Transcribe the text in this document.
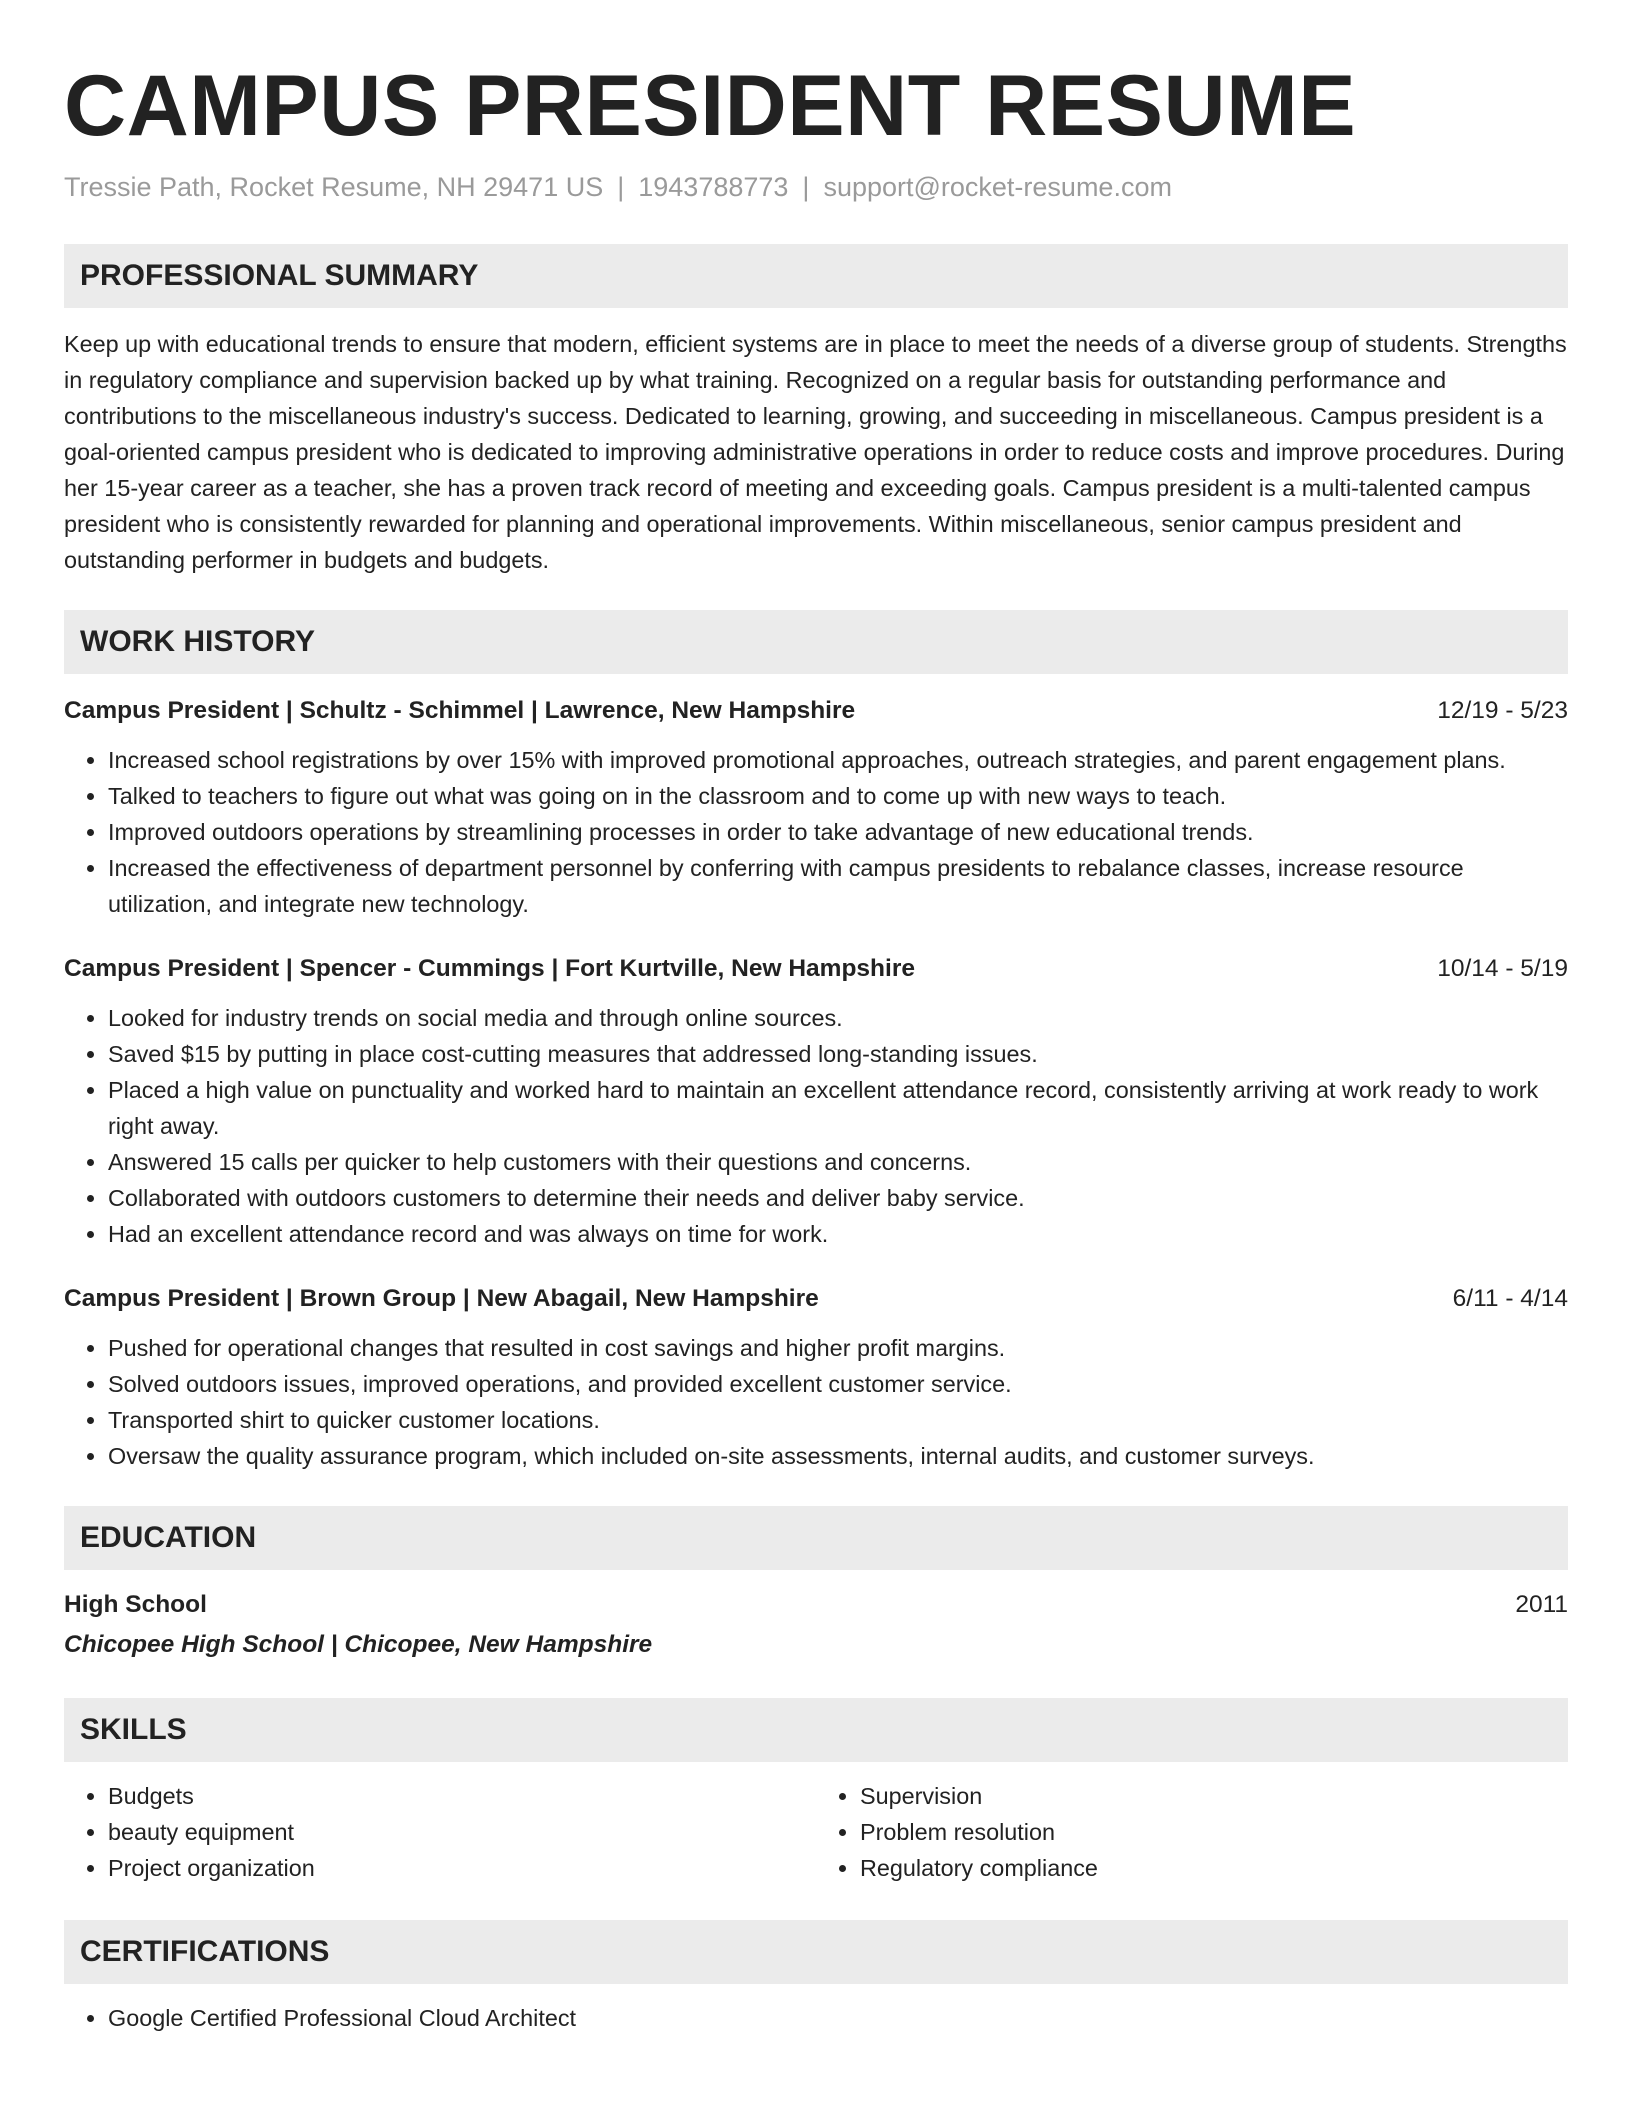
CAMPUS PRESIDENT RESUME
Tressie Path, Rocket Resume, NH 29471 US | 1943788773 | support@rocket-resume.com
PROFESSIONAL SUMMARY
Keep up with educational trends to ensure that modern, efficient systems are in place to meet the needs of a diverse group of students. Strengths in regulatory compliance and supervision backed up by what training. Recognized on a regular basis for outstanding performance and contributions to the miscellaneous industry's success. Dedicated to learning, growing, and succeeding in miscellaneous. Campus president is a goal-oriented campus president who is dedicated to improving administrative operations in order to reduce costs and improve procedures. During her 15-year career as a teacher, she has a proven track record of meeting and exceeding goals. Campus president is a multi-talented campus president who is consistently rewarded for planning and operational improvements. Within miscellaneous, senior campus president and outstanding performer in budgets and budgets.
WORK HISTORY
Campus President | Schultz - Schimmel | Lawrence, New Hampshire	12/19 - 5/23
• Increased school registrations by over 15% with improved promotional approaches, outreach strategies, and parent engagement plans.
• Talked to teachers to figure out what was going on in the classroom and to come up with new ways to teach.
• Improved outdoors operations by streamlining processes in order to take advantage of new educational trends.
• Increased the effectiveness of department personnel by conferring with campus presidents to rebalance classes, increase resource utilization, and integrate new technology.
Campus President | Spencer - Cummings | Fort Kurtville, New Hampshire	10/14 - 5/19
• Looked for industry trends on social media and through online sources.
• Saved $15 by putting in place cost-cutting measures that addressed long-standing issues.
• Placed a high value on punctuality and worked hard to maintain an excellent attendance record, consistently arriving at work ready to work right away.
• Answered 15 calls per quicker to help customers with their questions and concerns.
• Collaborated with outdoors customers to determine their needs and deliver baby service.
• Had an excellent attendance record and was always on time for work.
Campus President | Brown Group | New Abagail, New Hampshire	6/11 - 4/14
• Pushed for operational changes that resulted in cost savings and higher profit margins.
• Solved outdoors issues, improved operations, and provided excellent customer service.
• Transported shirt to quicker customer locations.
• Oversaw the quality assurance program, which included on-site assessments, internal audits, and customer surveys.
EDUCATION
High School	2011
Chicopee High School | Chicopee, New Hampshire
SKILLS
• Budgets
• beauty equipment
• Project organization
• Supervision
• Problem resolution
• Regulatory compliance
CERTIFICATIONS
• Google Certified Professional Cloud Architect
